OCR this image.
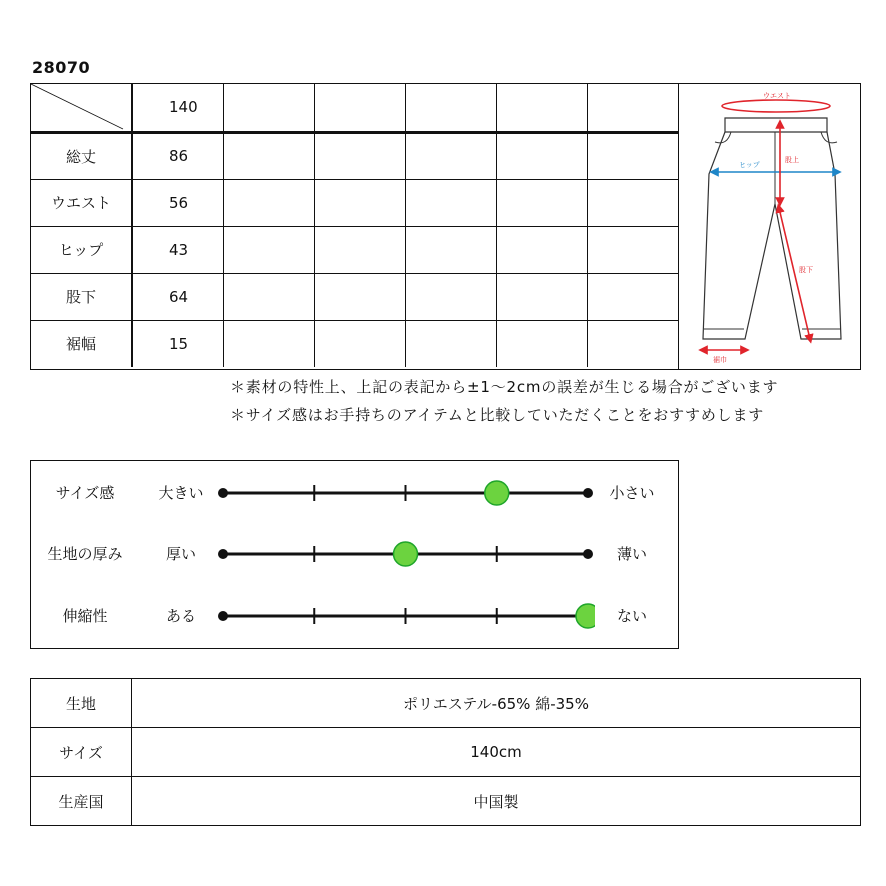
28070
	140					
総丈	86					
ウエスト	56					
ヒップ	43					
股下	64					
裾幅	15					
ウエスト
ヒップ
股上
股下
裾巾
＊素材の特性上、上記の表記から±1～2cmの誤差が生じる場合がございます
＊サイズ感はお手持ちのアイテムと比較していただくことをおすすめします
サイズ感	大きい	小さい
生地の厚み	厚い	薄い
伸縮性	ある	ない
生地	ポリエステル-65% 綿-35%
サイズ	140cm
生産国	中国製
